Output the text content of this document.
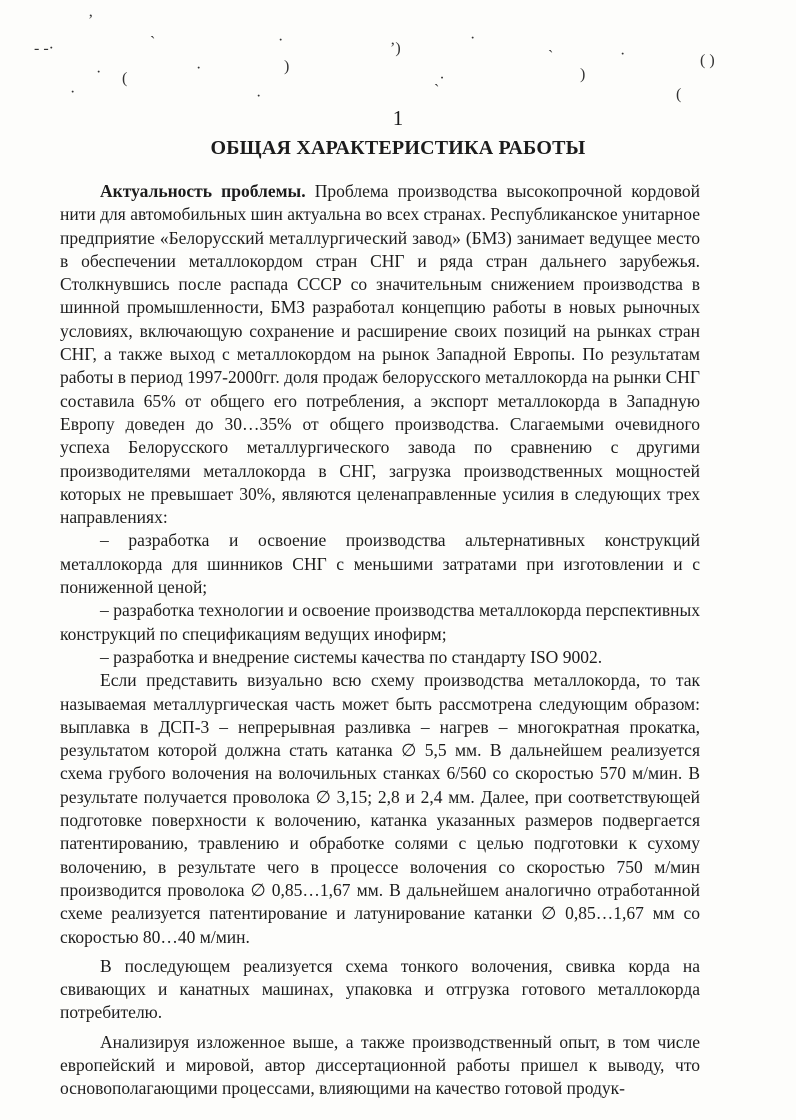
ʼ
- -·	ˋ	·	ʼ)
·	ˎ
·
· (
·	)
ˏ·	)
( )
·	·	(
1
ОБЩАЯ ХАРАКТЕРИСТИКА РАБОТЫ

Актуальность проблемы. Проблема производства высокопрочной кордовой нити для автомобильных шин актуальна во всех странах. Республиканское унитарное предприятие «Белорусский металлургический завод» (БМЗ) занимает ведущее место в обеспечении металлокордом стран СНГ и ряда стран дальнего зарубежья. Столкнувшись после распада СССР со значительным снижением производства в шинной промышленности, БМЗ разработал концепцию работы в новых рыночных условиях, включающую сохранение и расширение своих позиций на рынках стран СНГ, а также выход с металлокордом на рынок Западной Европы. По результатам работы в период 1997-2000гг. доля продаж белорусского металлокорда на рынки СНГ составила 65% от общего его потребления, а экспорт металлокорда в Западную Европу доведен до 30…35% от общего производства. Слагаемыми очевидного успеха Белорусского металлургического завода по сравнению с другими производителями металлокорда в СНГ, загрузка производственных мощностей которых не превышает 30%, являются целенаправленные усилия в следующих трех направлениях:

– разработка и освоение производства альтернативных конструкций металлокорда для шинников СНГ с меньшими затратами при изготовлении и с пониженной ценой;

– разработка технологии и освоение производства металлокорда перспективных конструкций по спецификациям ведущих инофирм;

– разработка и внедрение системы качества по стандарту ISO 9002.

Если представить визуально всю схему производства металлокорда, то так называемая металлургическая часть может быть рассмотрена следующим образом: выплавка в ДСП-3 – непрерывная разливка – нагрев – многократная прокатка, результатом которой должна стать катанка ∅ 5,5 мм. В дальнейшем реализуется схема грубого волочения на волочильных станках 6/560 со скоростью 570 м/мин. В результате получается проволока ∅ 3,15; 2,8 и 2,4 мм. Далее, при соответствующей подготовке поверхности к волочению, катанка указанных размеров подвергается патентированию, травлению и обработке солями с целью подготовки к сухому волочению, в результате чего в процессе волочения со скоростью 750 м/мин производится проволока ∅ 0,85…1,67 мм. В дальнейшем аналогично отработанной схеме реализуется патентирование и латунирование катанки ∅ 0,85…1,67 мм со скоростью 80…40 м/мин.

В последующем реализуется схема тонкого волочения, свивка корда на свивающих и канатных машинах, упаковка и отгрузка готового металлокорда потребителю.

Анализируя изложенное выше, а также производственный опыт, в том числе европейский и мировой, автор диссертационной работы пришел к выводу, что основополагающими процессами, влияющими на качество готовой продук-
